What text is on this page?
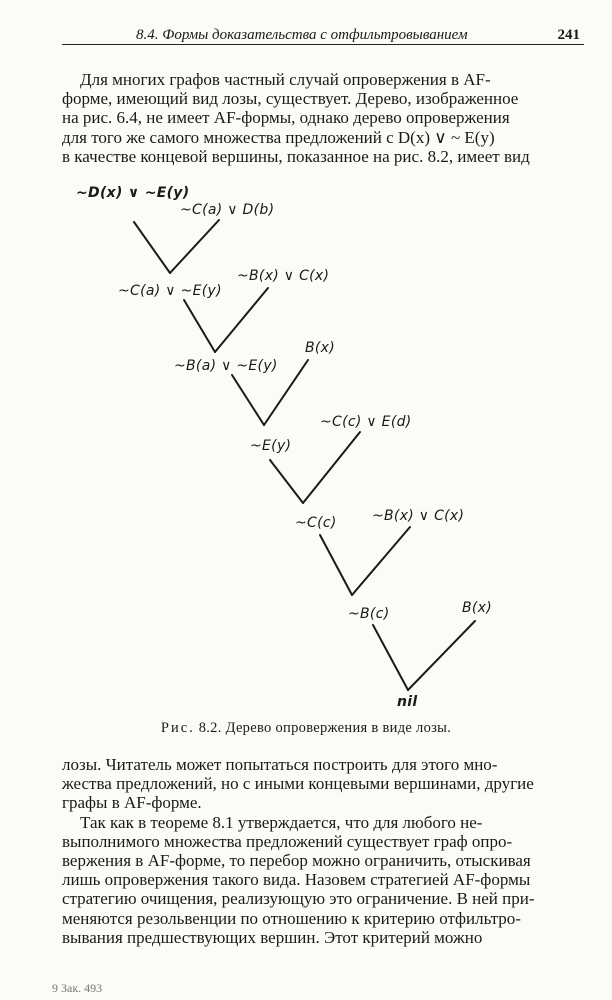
8.4. Формы доказательства с отфильтровыванием	241

Для многих графов частный случай опровержения в AF-

форме, имеющий вид лозы, существует. Дерево, изображенное

на рис. 6.4, не имеет AF-формы, однако дерево опровержения

для того же самого множества предложений с D(x) ∨ ~ E(y)

в качестве концевой вершины, показанное на рис. 8.2, имеет вид

~D(x) ∨ ~E(y)
~C(a) ∨ D(b)
~C(a) ∨ ~E(y)
~B(x) ∨ C(x)
~B(a) ∨ ~E(y)
B(x)
~E(y)
~C(c) ∨ E(d)
~C(c)	~B(x) ∨ C(x)
~B(c)	B(x)
nil
Рис. 8.2. Дерево опровержения в виде лозы.

лозы. Читатель может попытаться построить для этого мно-

жества предложений, но с иными концевыми вершинами, другие

графы в AF-форме.

Так как в теореме 8.1 утверждается, что для любого не-

выполнимого множества предложений существует граф опро-

вержения в AF-форме, то перебор можно ограничить, отыскивая

лишь опровержения такого вида. Назовем стратегией AF-формы

стратегию очищения, реализующую это ограничение. В ней при-

меняются резольвенции по отношению к критерию отфильтро-

вывания предшествующих вершин. Этот критерий можно

9 Зак. 493
